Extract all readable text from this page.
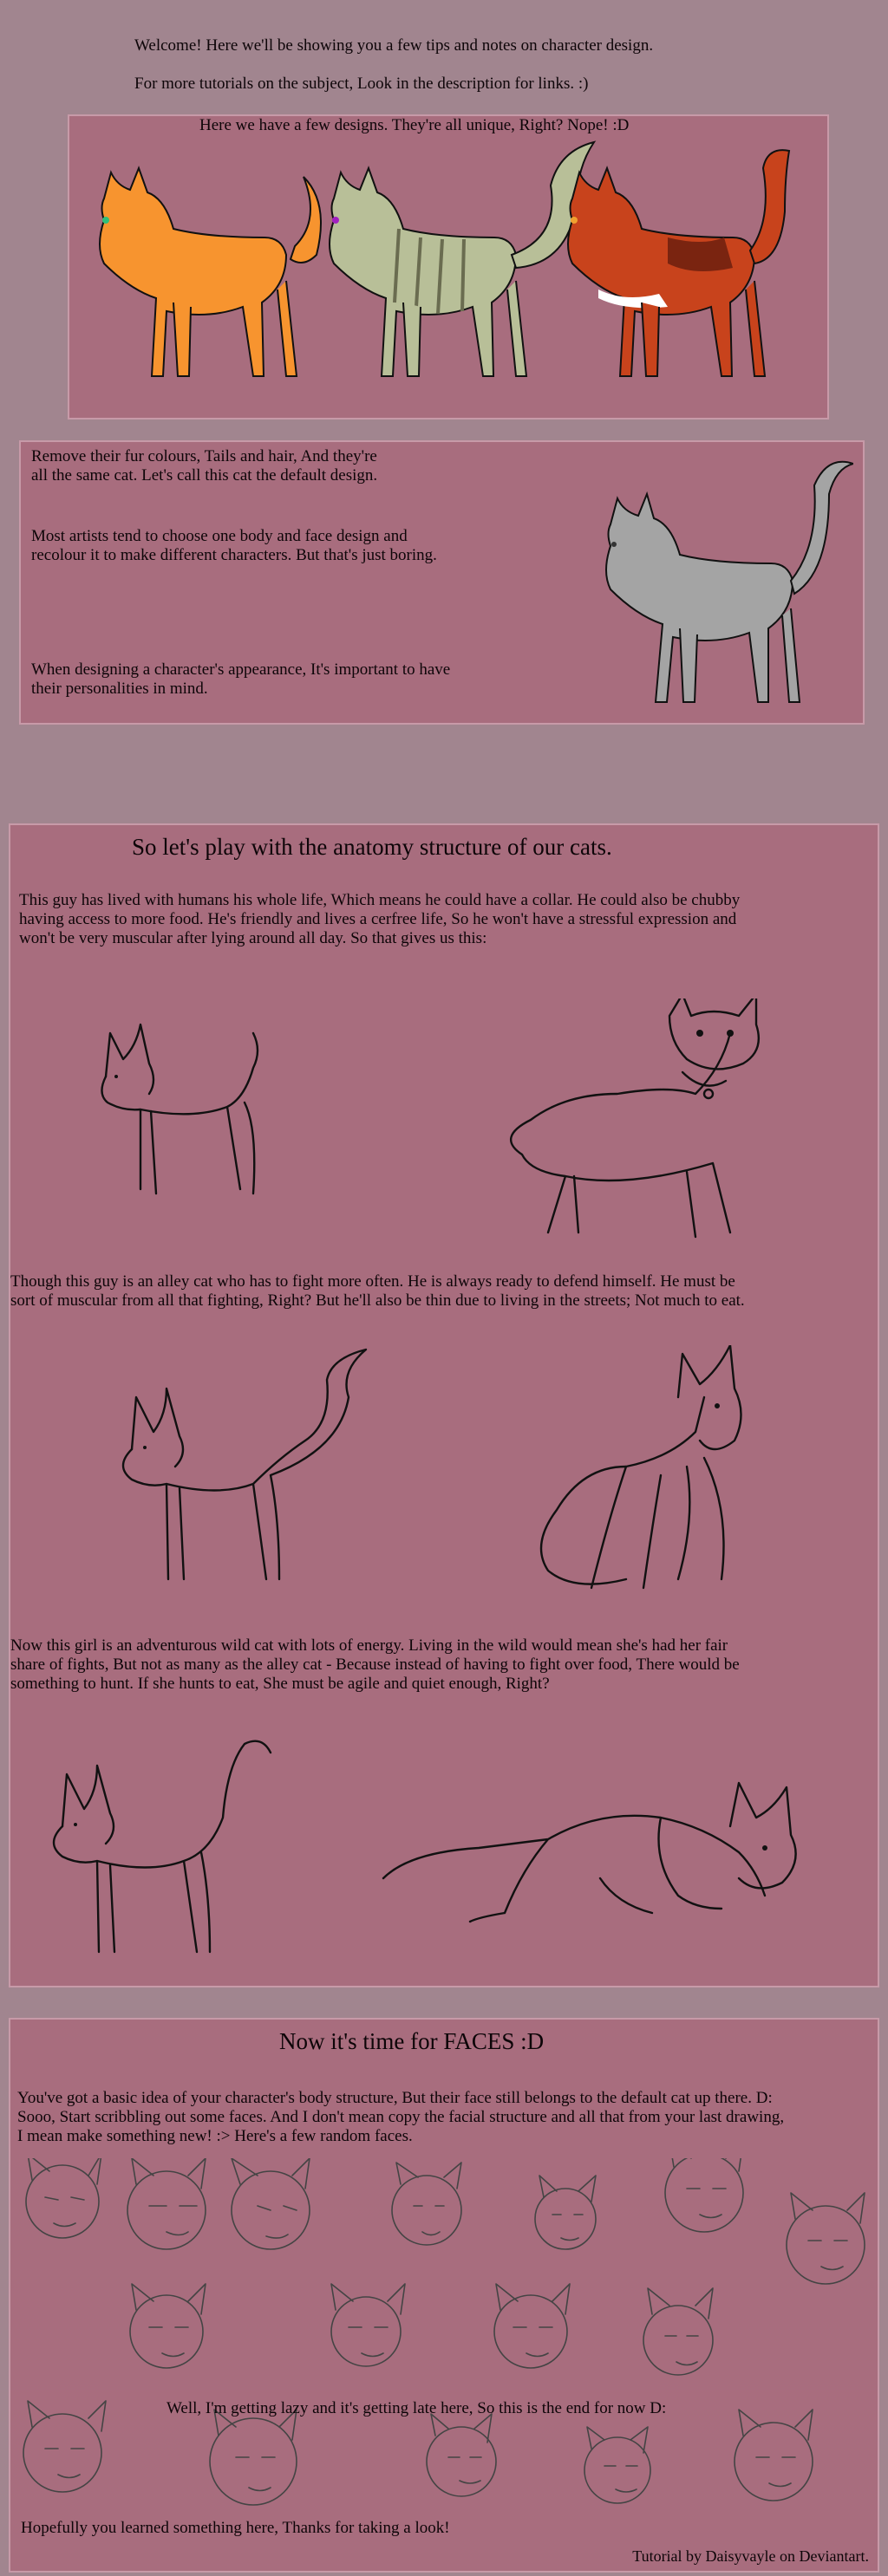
Welcome! Here we'll be showing you a few tips and notes on character design.

For more tutorials on the subject, Look in the description for links. :)

Here we have a few designs. They're all unique, Right? Nope! :D
Remove their fur colours, Tails and hair, And they're
all the same cat. Let's call this cat the default design.
Most artists tend to choose one body and face design and
recolour it to make different characters. But that's just boring.
When designing a character's appearance, It's important to have
their personalities in mind.
So let's play with the anatomy structure of our cats.
This guy has lived with humans his whole life, Which means he could have a collar. He could also be chubby
having access to more food. He's friendly and lives a cerfree life, So he won't have a stressful expression and
won't be very muscular after lying around all day. So that gives us this:
Though this guy is an alley cat who has to fight more often. He is always ready to defend himself. He must be
sort of muscular from all that fighting, Right? But he'll also be thin due to living in the streets; Not much to eat.
Now this girl is an adventurous wild cat with lots of energy. Living in the wild would mean she's had her fair
share of fights, But not as many as the alley cat - Because instead of having to fight over food, There would be
something to hunt. If she hunts to eat, She must be agile and quiet enough, Right?
Now it's time for FACES :D
You've got a basic idea of your character's body structure, But their face still belongs to the default cat up there. D:
Sooo, Start scribbling out some faces. And I don't mean copy the facial structure and all that from your last drawing,
I mean make something new! :> Here's a few random faces.
Well, I'm getting lazy and it's getting late here, So this is the end for now D:
Hopefully you learned something here, Thanks for taking a look!
Tutorial by Daisyvayle on Deviantart.
